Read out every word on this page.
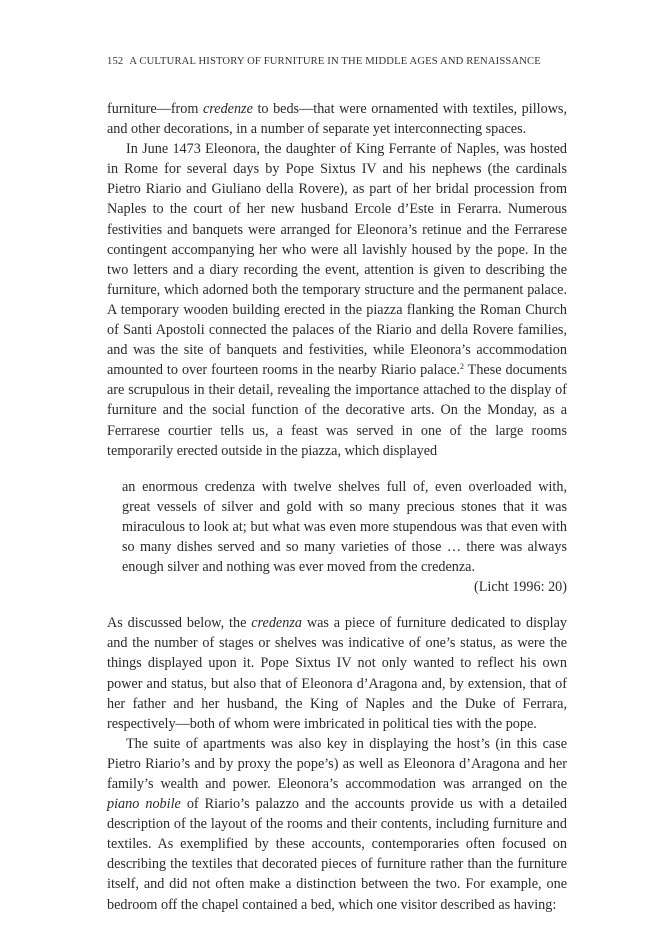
152 A CULTURAL HISTORY OF FURNITURE IN THE MIDDLE AGES AND RENAISSANCE

furniture—from credenze to beds—that were ornamented with textiles, pillows, and other decorations, in a number of separate yet interconnecting spaces.

In June 1473 Eleonora, the daughter of King Ferrante of Naples, was hosted in Rome for several days by Pope Sixtus IV and his nephews (the cardinals Pietro Riario and Giuliano della Rovere), as part of her bridal procession from Naples to the court of her new husband Ercole d’Este in Ferarra. Numerous festivities and banquets were arranged for Eleonora’s retinue and the Ferrarese contingent accompanying her who were all lavishly housed by the pope. In the two letters and a diary recording the event, attention is given to describing the furniture, which adorned both the temporary structure and the permanent palace. A temporary wooden building erected in the piazza flanking the Roman Church of Santi Apostoli connected the palaces of the Riario and della Rovere families, and was the site of banquets and festivities, while Eleonora’s accommodation amounted to over fourteen rooms in the nearby Riario palace.$^2$ These documents are scrupulous in their detail, revealing the importance attached to the display of furniture and the social function of the decorative arts. On the Monday, as a Ferrarese courtier tells us, a feast was served in one of the large rooms temporarily erected outside in the piazza, which displayed

an enormous credenza with twelve shelves full of, even overloaded with, great vessels of silver and gold with so many precious stones that it was miraculous to look at; but what was even more stupendous was that even with so many dishes served and so many varieties of those … there was always enough silver and nothing was ever moved from the credenza.
(Licht 1996: 20)

As discussed below, the credenza was a piece of furniture dedicated to display and the number of stages or shelves was indicative of one’s status, as were the things displayed upon it. Pope Sixtus IV not only wanted to reflect his own power and status, but also that of Eleonora d’Aragona and, by extension, that of her father and her husband, the King of Naples and the Duke of Ferrara, respectively—both of whom were imbricated in political ties with the pope.

The suite of apartments was also key in displaying the host’s (in this case Pietro Riario’s and by proxy the pope’s) as well as Eleonora d’Aragona and her family’s wealth and power. Eleonora’s accommodation was arranged on the piano nobile of Riario’s palazzo and the accounts provide us with a detailed description of the layout of the rooms and their contents, including furniture and textiles. As exemplified by these accounts, contemporaries often focused on describing the textiles that decorated pieces of furniture rather than the furniture itself, and did not often make a distinction between the two. For example, one bedroom off the chapel contained a bed, which one visitor described as having:
